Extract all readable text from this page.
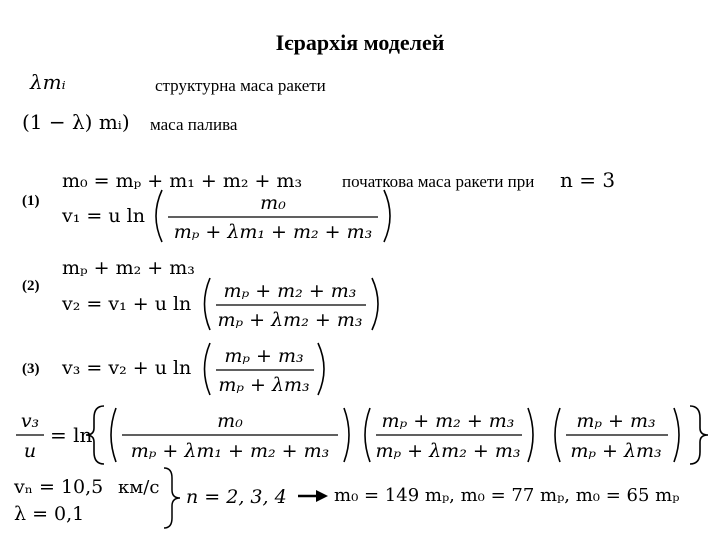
Ієрархія моделей
λmᵢ	структурна маса ракети
(1 − λ) mᵢ) маса палива
m₀ = mₚ + m₁ + m₂ + m₃ початкова маса ракети при n = 3
(1)
v₁ = u ln
m₀
mₚ + λm₁ + m₂ + m₃
mₚ + m₂ + m₃
(2)
v₂ = v₁ + u ln
mₚ + m₂ + m₃
mₚ + λm₂ + m₃
(3) v₃ = v₂ + u ln
mₚ + m₃
mₚ + λm₃
v₃
u
= ln
m₀
mₚ + λm₁ + m₂ + m₃
mₚ + m₂ + m₃
mₚ + λm₂ + m₃
mₚ + m₃
mₚ + λm₃
vₙ = 10,5 км/с
λ = 0,1
n = 2, 3, 4	m₀ = 149 mₚ, m₀ = 77 mₚ, m₀ = 65 mₚ
